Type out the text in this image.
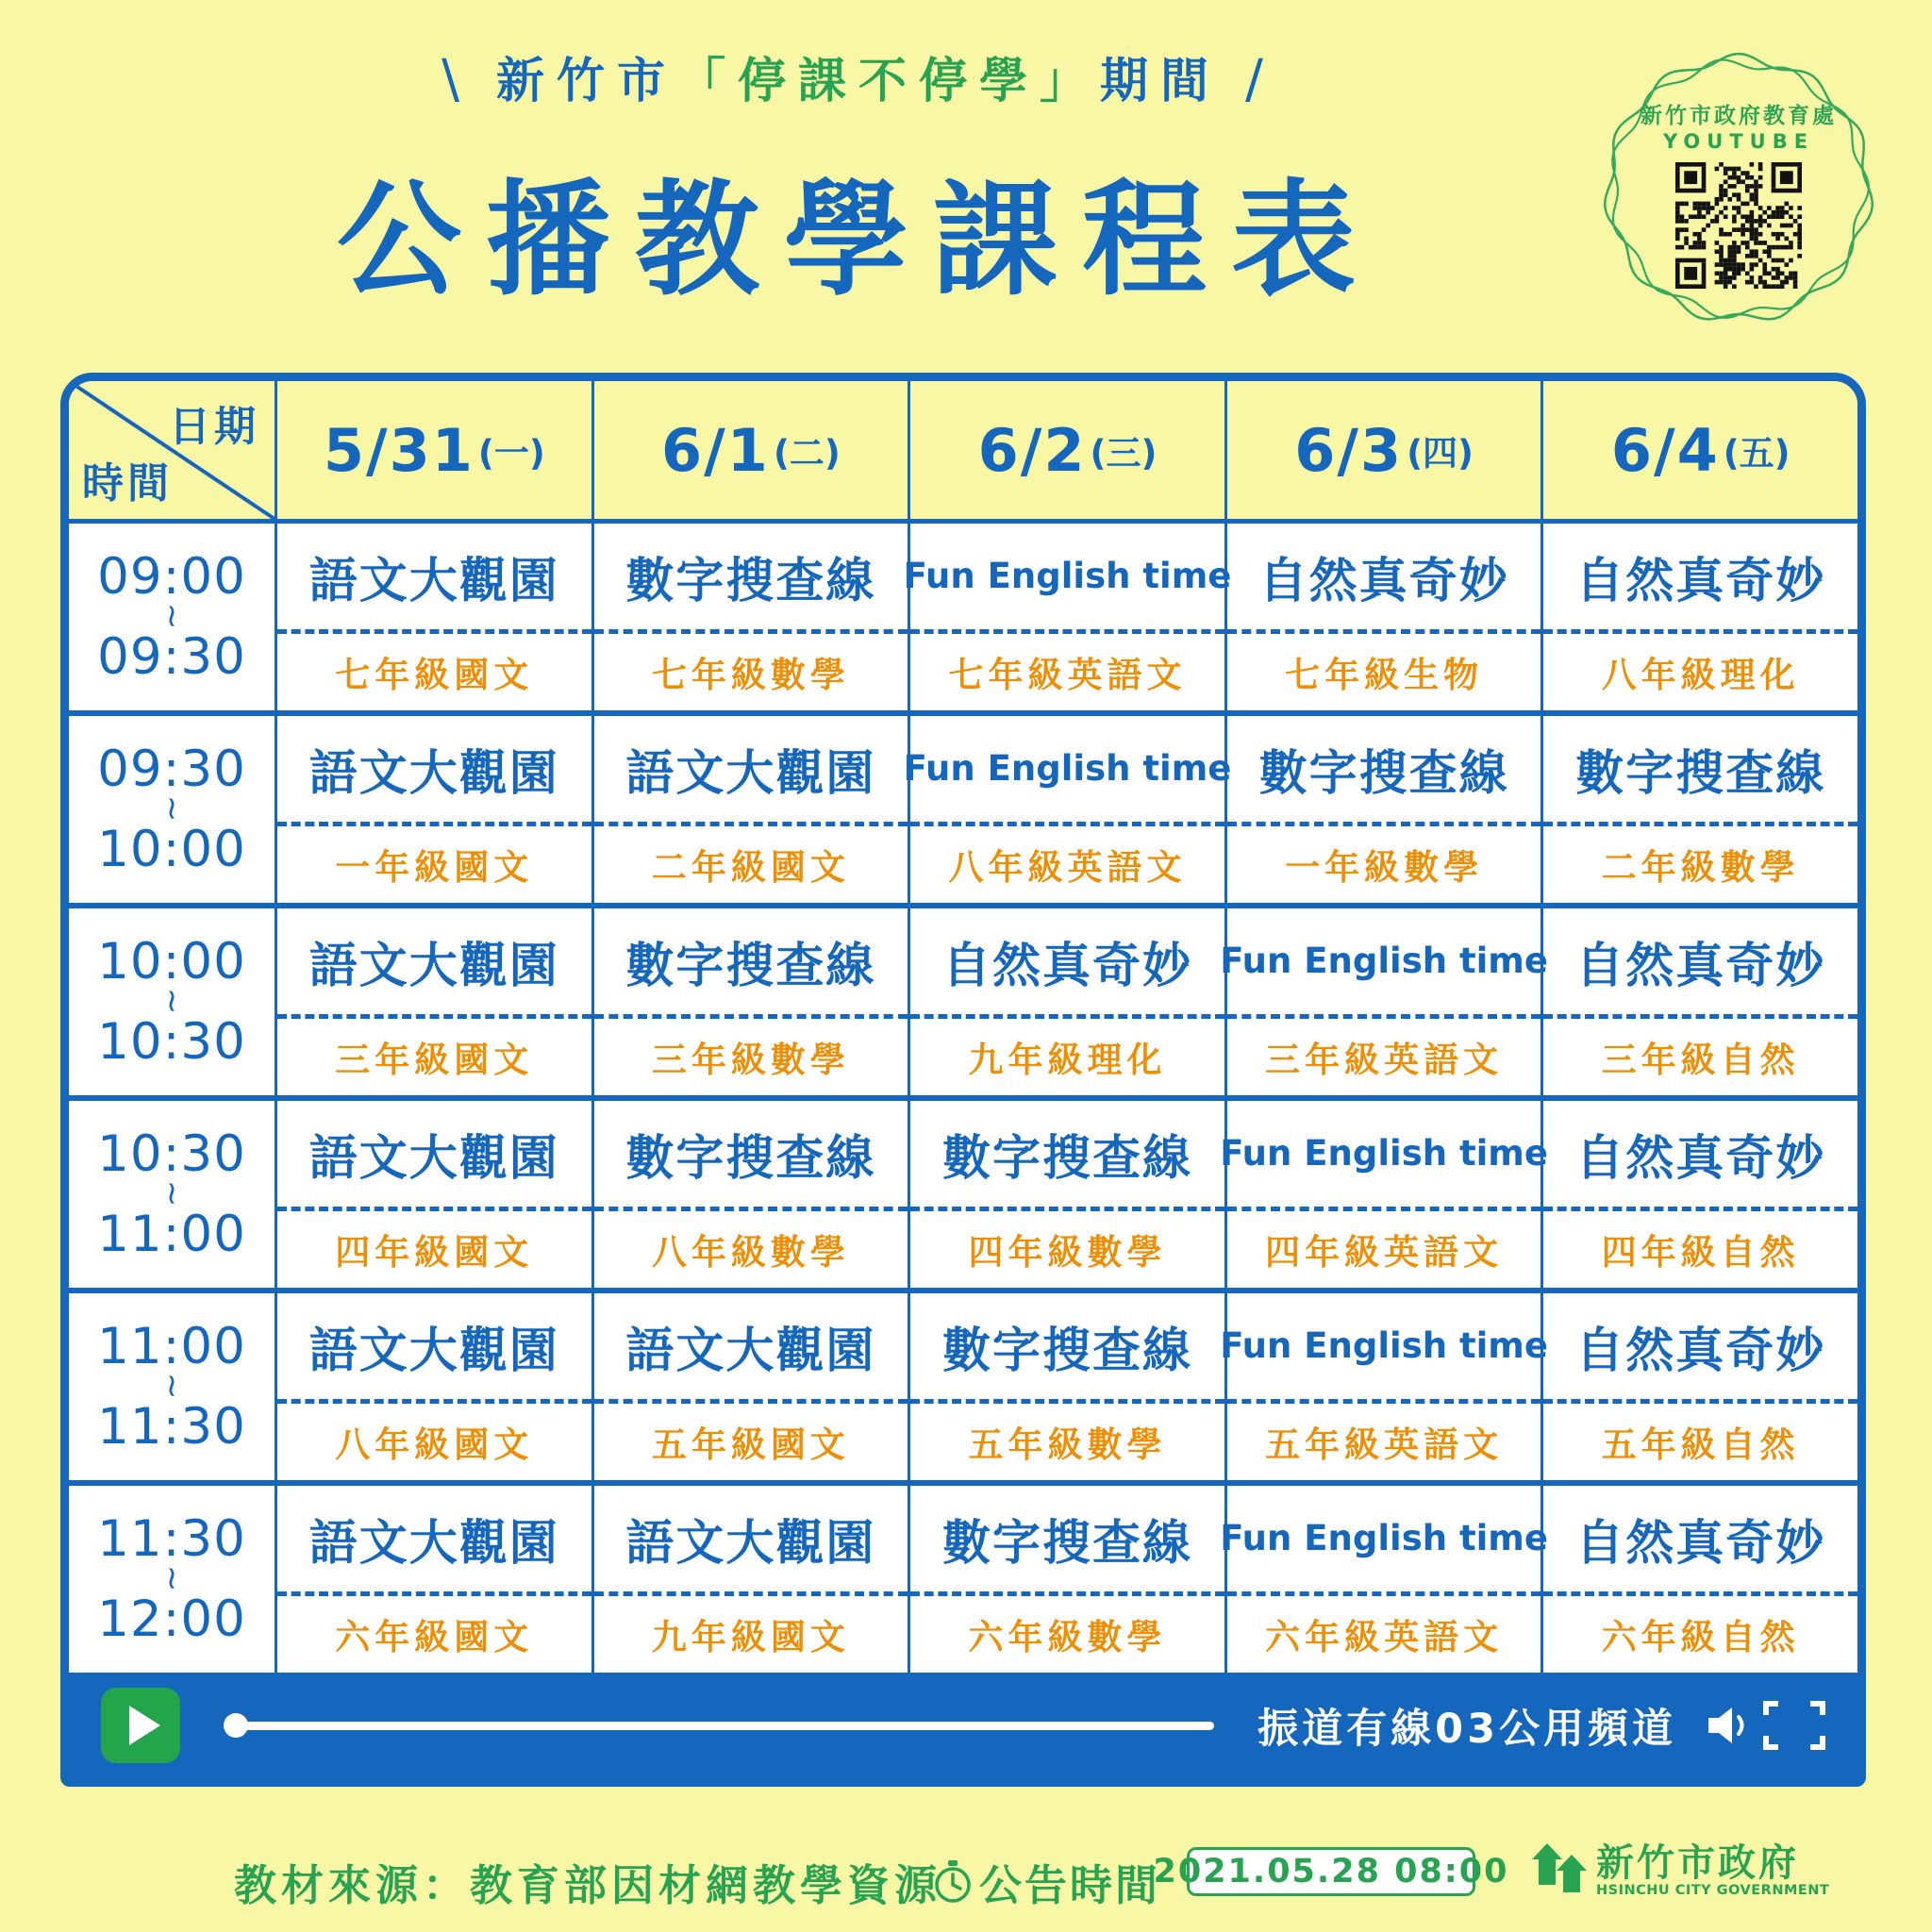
\ 新竹市「停課不停學」期間 /
公播教學課程表
新竹市政府教育處
YOUTUBE
日期
時間	5/31 (一) 6/1 (二) 6/2 (三) 6/3 (四) 6/4 (五)
09:00
~
09:30
語文大觀園
七年級國文
數字搜查線
七年級數學
Fun English time
七年級英語文
自然真奇妙
七年級生物
自然真奇妙
八年級理化
09:30
~
10:00
語文大觀園
一年級國文
語文大觀園
二年級國文
Fun English time
八年級英語文
數字搜查線
一年級數學
數字搜查線
二年級數學
10:00
~
10:30
語文大觀園
三年級國文
數字搜查線
三年級數學
自然真奇妙
九年級理化
Fun English time
三年級英語文
自然真奇妙
三年級自然
10:30
~
11:00
語文大觀園
四年級國文
數字搜查線
八年級數學
數字搜查線
四年級數學
Fun English time
四年級英語文
自然真奇妙
四年級自然
11:00
~
11:30
語文大觀園
八年級國文
語文大觀園
五年級國文
數字搜查線
五年級數學
Fun English time
五年級英語文
自然真奇妙
五年級自然
11:30
~
12:00
語文大觀園
六年級國文
語文大觀園
九年級國文
數字搜查線
六年級數學
Fun English time
六年級英語文
自然真奇妙
六年級自然
振道有線03公用頻道
教材來源：教育部因材網教學資源 公告時間
2021.05.28 08:00 新竹市政府
HSINCHU CITY GOVERNMENT
